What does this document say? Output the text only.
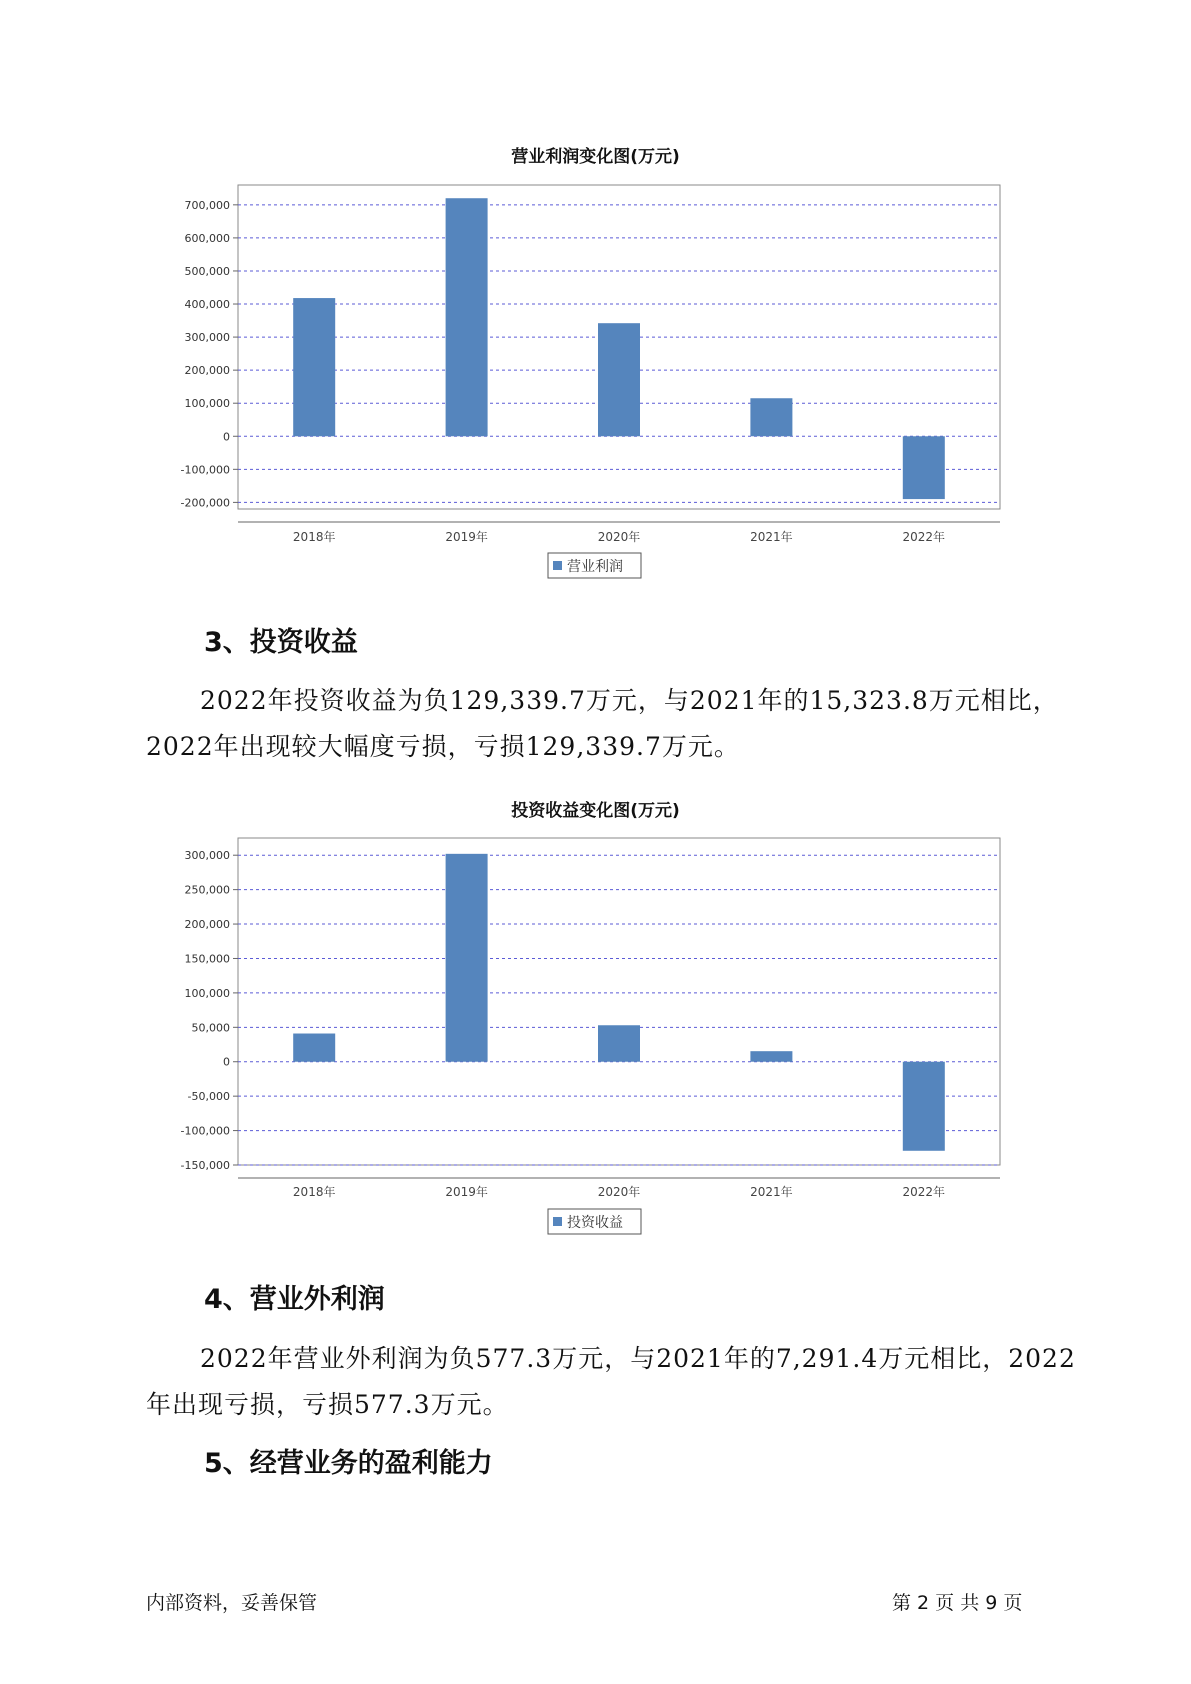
营业利润变化图(万元)
700,000
600,000
500,000
400,000
300,000
200,000
100,000
0
-100,000
-200,000
2018年	2019年	2020年	2021年	2022年
营业利润
3、投资收益
2022年投资收益为负129,339.7万元，与2021年的15,323.8万元相比，
2022年出现较大幅度亏损，亏损129,339.7万元。
投资收益变化图(万元)
300,000
250,000
200,000
150,000
100,000
50,000
0
-50,000
-100,000
-150,000
2018年	2019年	2020年	2021年	2022年
投资收益
4、营业外利润
2022年营业外利润为负577.3万元，与2021年的7,291.4万元相比，2022
年出现亏损，亏损577.3万元。
5、经营业务的盈利能力
内部资料，妥善保管	第 2 页 共 9 页
